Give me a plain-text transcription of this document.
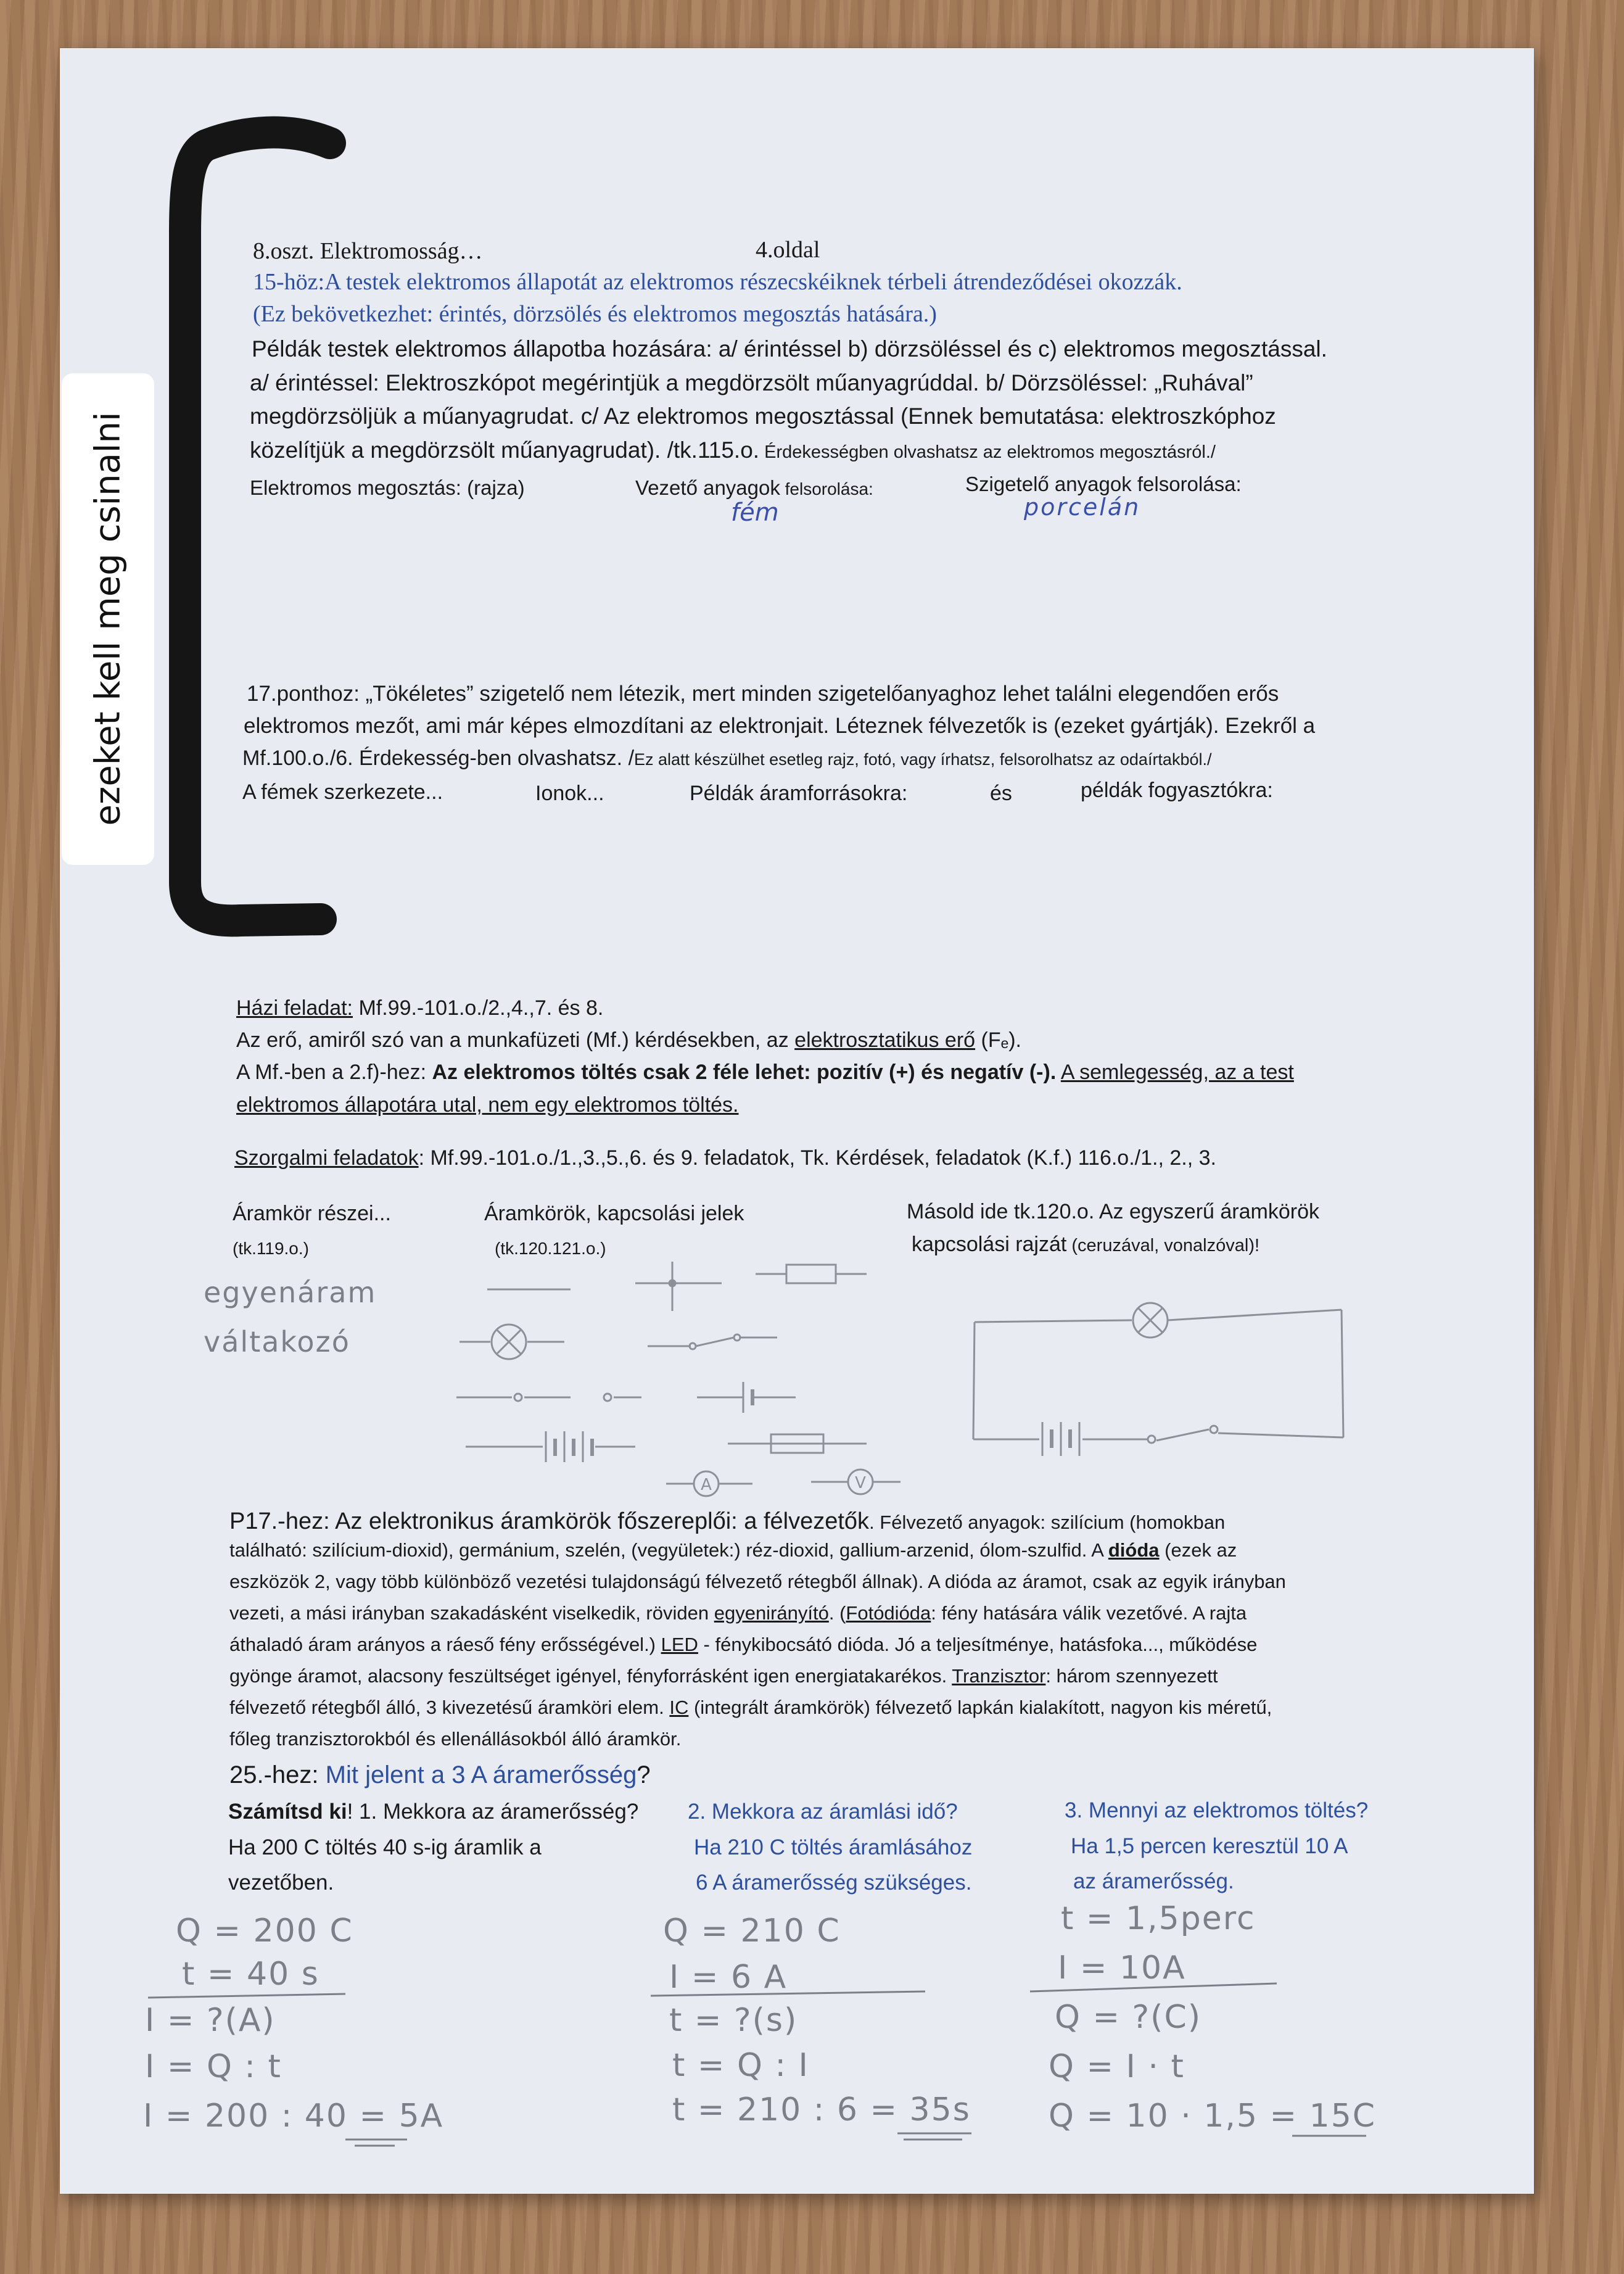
ezeket kell meg csinalni
8.oszt. Elektromosság…	4.oldal
15-höz:A testek elektromos állapotát az elektromos részecskéiknek térbeli átrendeződései okozzák.
(Ez bekövetkezhet: érintés, dörzsölés és elektromos megosztás hatására.)
Példák testek elektromos állapotba hozására: a/ érintéssel b) dörzsöléssel és c) elektromos megosztással.
a/ érintéssel: Elektroszkópot megérintjük a megdörzsölt műanyagrúddal. b/ Dörzsöléssel: „Ruhával”
megdörzsöljük a műanyagrudat. c/ Az elektromos megosztással (Ennek bemutatása: elektroszkóphoz
közelítjük a megdörzsölt műanyagrudat). /tk.115.o. Érdekességben olvashatsz az elektromos megosztásról./
Elektromos megosztás: (rajza)	Vezető anyagok felsorolása:	Szigetelő anyagok felsorolása:
fém	porcelán
17.ponthoz: „Tökéletes” szigetelő nem létezik, mert minden szigetelőanyaghoz lehet találni elegendően erős
elektromos mezőt, ami már képes elmozdítani az elektronjait. Léteznek félvezetők is (ezeket gyártják). Ezekről a
Mf.100.o./6. Érdekesség-ben olvashatsz. /Ez alatt készülhet esetleg rajz, fotó, vagy írhatsz, felsorolhatsz az odaírtakból./
A fémek szerkezete...	Ionok...	Példák áramforrásokra:	és	példák fogyasztókra:
Házi feladat: Mf.99.-101.o./2.,4.,7. és 8.
Az erő, amiről szó van a munkafüzeti (Mf.) kérdésekben, az elektrosztatikus erő (Fₑ).
A Mf.-ben a 2.f)-hez: Az elektromos töltés csak 2 féle lehet: pozitív (+) és negatív (-). A semlegesség, az a test
elektromos állapotára utal, nem egy elektromos töltés.
Szorgalmi feladatok: Mf.99.-101.o./1.,3.,5.,6. és 9. feladatok, Tk. Kérdések, feladatok (K.f.) 116.o./1., 2., 3.
Áramkör részei...
(tk.119.o.)
Áramkörök, kapcsolási jelek
(tk.120.121.o.)
Másold ide tk.120.o. Az egyszerű áramkörök
kapcsolási rajzát (ceruzával, vonalzóval)!
egyenáram
váltakozó
A	V
P17.-hez: Az elektronikus áramkörök főszereplői: a félvezetők. Félvezető anyagok: szilícium (homokban
található: szilícium-dioxid), germánium, szelén, (vegyületek:) réz-dioxid, gallium-arzenid, ólom-szulfid. A dióda (ezek az
eszközök 2, vagy több különböző vezetési tulajdonságú félvezető rétegből állnak). A dióda az áramot, csak az egyik irányban
vezeti, a mási irányban szakadásként viselkedik, röviden egyenirányító. (Fotódióda: fény hatására válik vezetővé. A rajta
áthaladó áram arányos a ráeső fény erősségével.) LED - fénykibocsátó dióda. Jó a teljesítménye, hatásfoka..., működése
gyönge áramot, alacsony feszültséget igényel, fényforrásként igen energiatakarékos. Tranzisztor: három szennyezett
félvezető rétegből álló, 3 kivezetésű áramköri elem. IC (integrált áramkörök) félvezető lapkán kialakított, nagyon kis méretű,
főleg tranzisztorokból és ellenállásokból álló áramkör.
25.-hez: Mit jelent a 3 A áramerősség?
Számítsd ki! 1. Mekkora az áramerősség?
Ha 200 C töltés 40 s-ig áramlik a
vezetőben.
2. Mekkora az áramlási idő?
Ha 210 C töltés áramlásához
6 A áramerősség szükséges.
3. Mennyi az elektromos töltés?
Ha 1,5 percen keresztül 10 A
az áramerősség.
Q = 200 C
t = 40 s
I = ?(A)
I = Q : t
I = 200 : 40 = 5A
Q = 210 C
I = 6 A
t = ?(s)
t = Q : I
t = 210 : 6 = 35s
t = 1,5perc
I = 10A
Q = ?(C)
Q = I · t
Q = 10 · 1,5 = 15C
